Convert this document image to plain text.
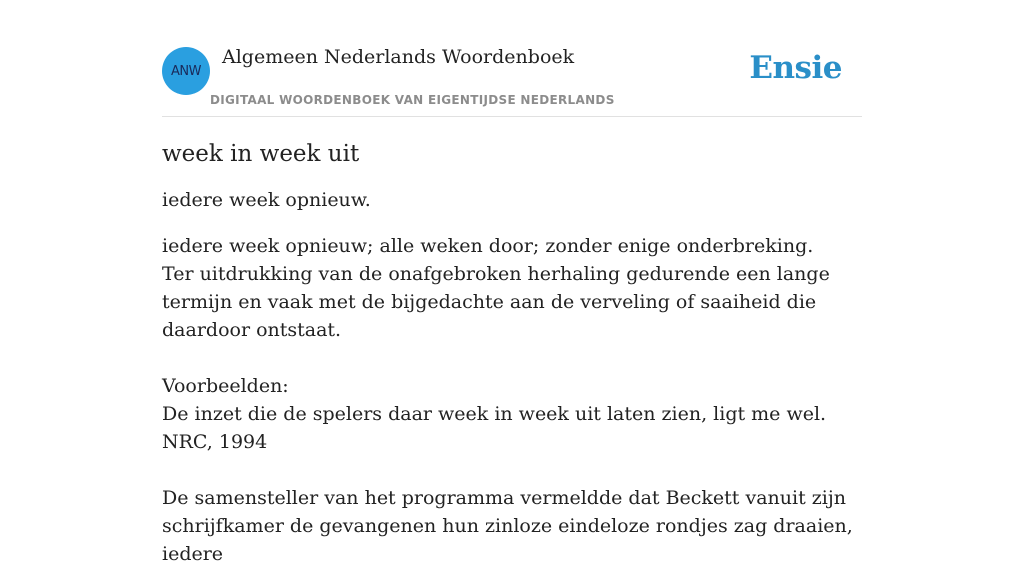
ANW
Algemeen Nederlands Woordenboek
DIGITAAL WOORDENBOEK VAN EIGENTIJDSE NEDERLANDS
Ensie
week in week uit

iedere week opnieuw.

iedere week opnieuw; alle weken door; zonder enige onderbreking.

Ter uitdrukking van de onafgebroken herhaling gedurende een lange termijn en vaak met de bijgedachte aan de verveling of saaiheid die daardoor ontstaat.

Voorbeelden:

De inzet die de spelers daar week in week uit laten zien, ligt me wel.

NRC, 1994

De samensteller van het programma vermeldde dat Beckett vanuit zijn schrijfkamer de gevangenen hun zinloze eindeloze rondjes zag draaien, iedere
